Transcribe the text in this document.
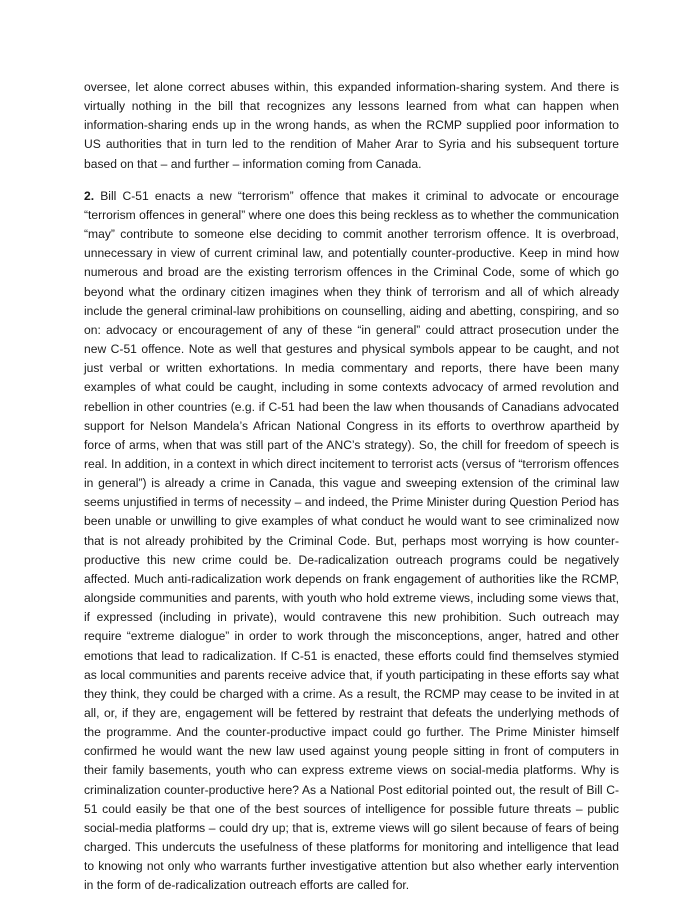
oversee, let alone correct abuses within, this expanded information-sharing system. And there is virtually nothing in the bill that recognizes any lessons learned from what can happen when information-sharing ends up in the wrong hands, as when the RCMP supplied poor information to US authorities that in turn led to the rendition of Maher Arar to Syria and his subsequent torture based on that – and further – information coming from Canada.

2. Bill C-51 enacts a new “terrorism” offence that makes it criminal to advocate or encourage “terrorism offences in general” where one does this being reckless as to whether the communication “may” contribute to someone else deciding to commit another terrorism offence. It is overbroad, unnecessary in view of current criminal law, and potentially counter-productive. Keep in mind how numerous and broad are the existing terrorism offences in the Criminal Code, some of which go beyond what the ordinary citizen imagines when they think of terrorism and all of which already include the general criminal-law prohibitions on counselling, aiding and abetting, conspiring, and so on: advocacy or encouragement of any of these “in general” could attract prosecution under the new C-51 offence. Note as well that gestures and physical symbols appear to be caught, and not just verbal or written exhortations. In media commentary and reports, there have been many examples of what could be caught, including in some contexts advocacy of armed revolution and rebellion in other countries (e.g. if C-51 had been the law when thousands of Canadians advocated support for Nelson Mandela’s African National Congress in its efforts to overthrow apartheid by force of arms, when that was still part of the ANC’s strategy). So, the chill for freedom of speech is real. In addition, in a context in which direct incitement to terrorist acts (versus of “terrorism offences in general”) is already a crime in Canada, this vague and sweeping extension of the criminal law seems unjustified in terms of necessity – and indeed, the Prime Minister during Question Period has been unable or unwilling to give examples of what conduct he would want to see criminalized now that is not already prohibited by the Criminal Code. But, perhaps most worrying is how counter-productive this new crime could be. De-radicalization outreach programs could be negatively affected. Much anti-radicalization work depends on frank engagement of authorities like the RCMP, alongside communities and parents, with youth who hold extreme views, including some views that, if expressed (including in private), would contravene this new prohibition. Such outreach may require “extreme dialogue” in order to work through the misconceptions, anger, hatred and other emotions that lead to radicalization. If C-51 is enacted, these efforts could find themselves stymied as local communities and parents receive advice that, if youth participating in these efforts say what they think, they could be charged with a crime. As a result, the RCMP may cease to be invited in at all, or, if they are, engagement will be fettered by restraint that defeats the underlying methods of the programme. And the counter-productive impact could go further. The Prime Minister himself confirmed he would want the new law used against young people sitting in front of computers in their family basements, youth who can express extreme views on social-media platforms. Why is criminalization counter-productive here? As a National Post editorial pointed out, the result of Bill C-51 could easily be that one of the best sources of intelligence for possible future threats – public social-media platforms – could dry up; that is, extreme views will go silent because of fears of being charged. This undercuts the usefulness of these platforms for monitoring and intelligence that lead to knowing not only who warrants further investigative attention but also whether early intervention in the form of de-radicalization outreach efforts are called for.
